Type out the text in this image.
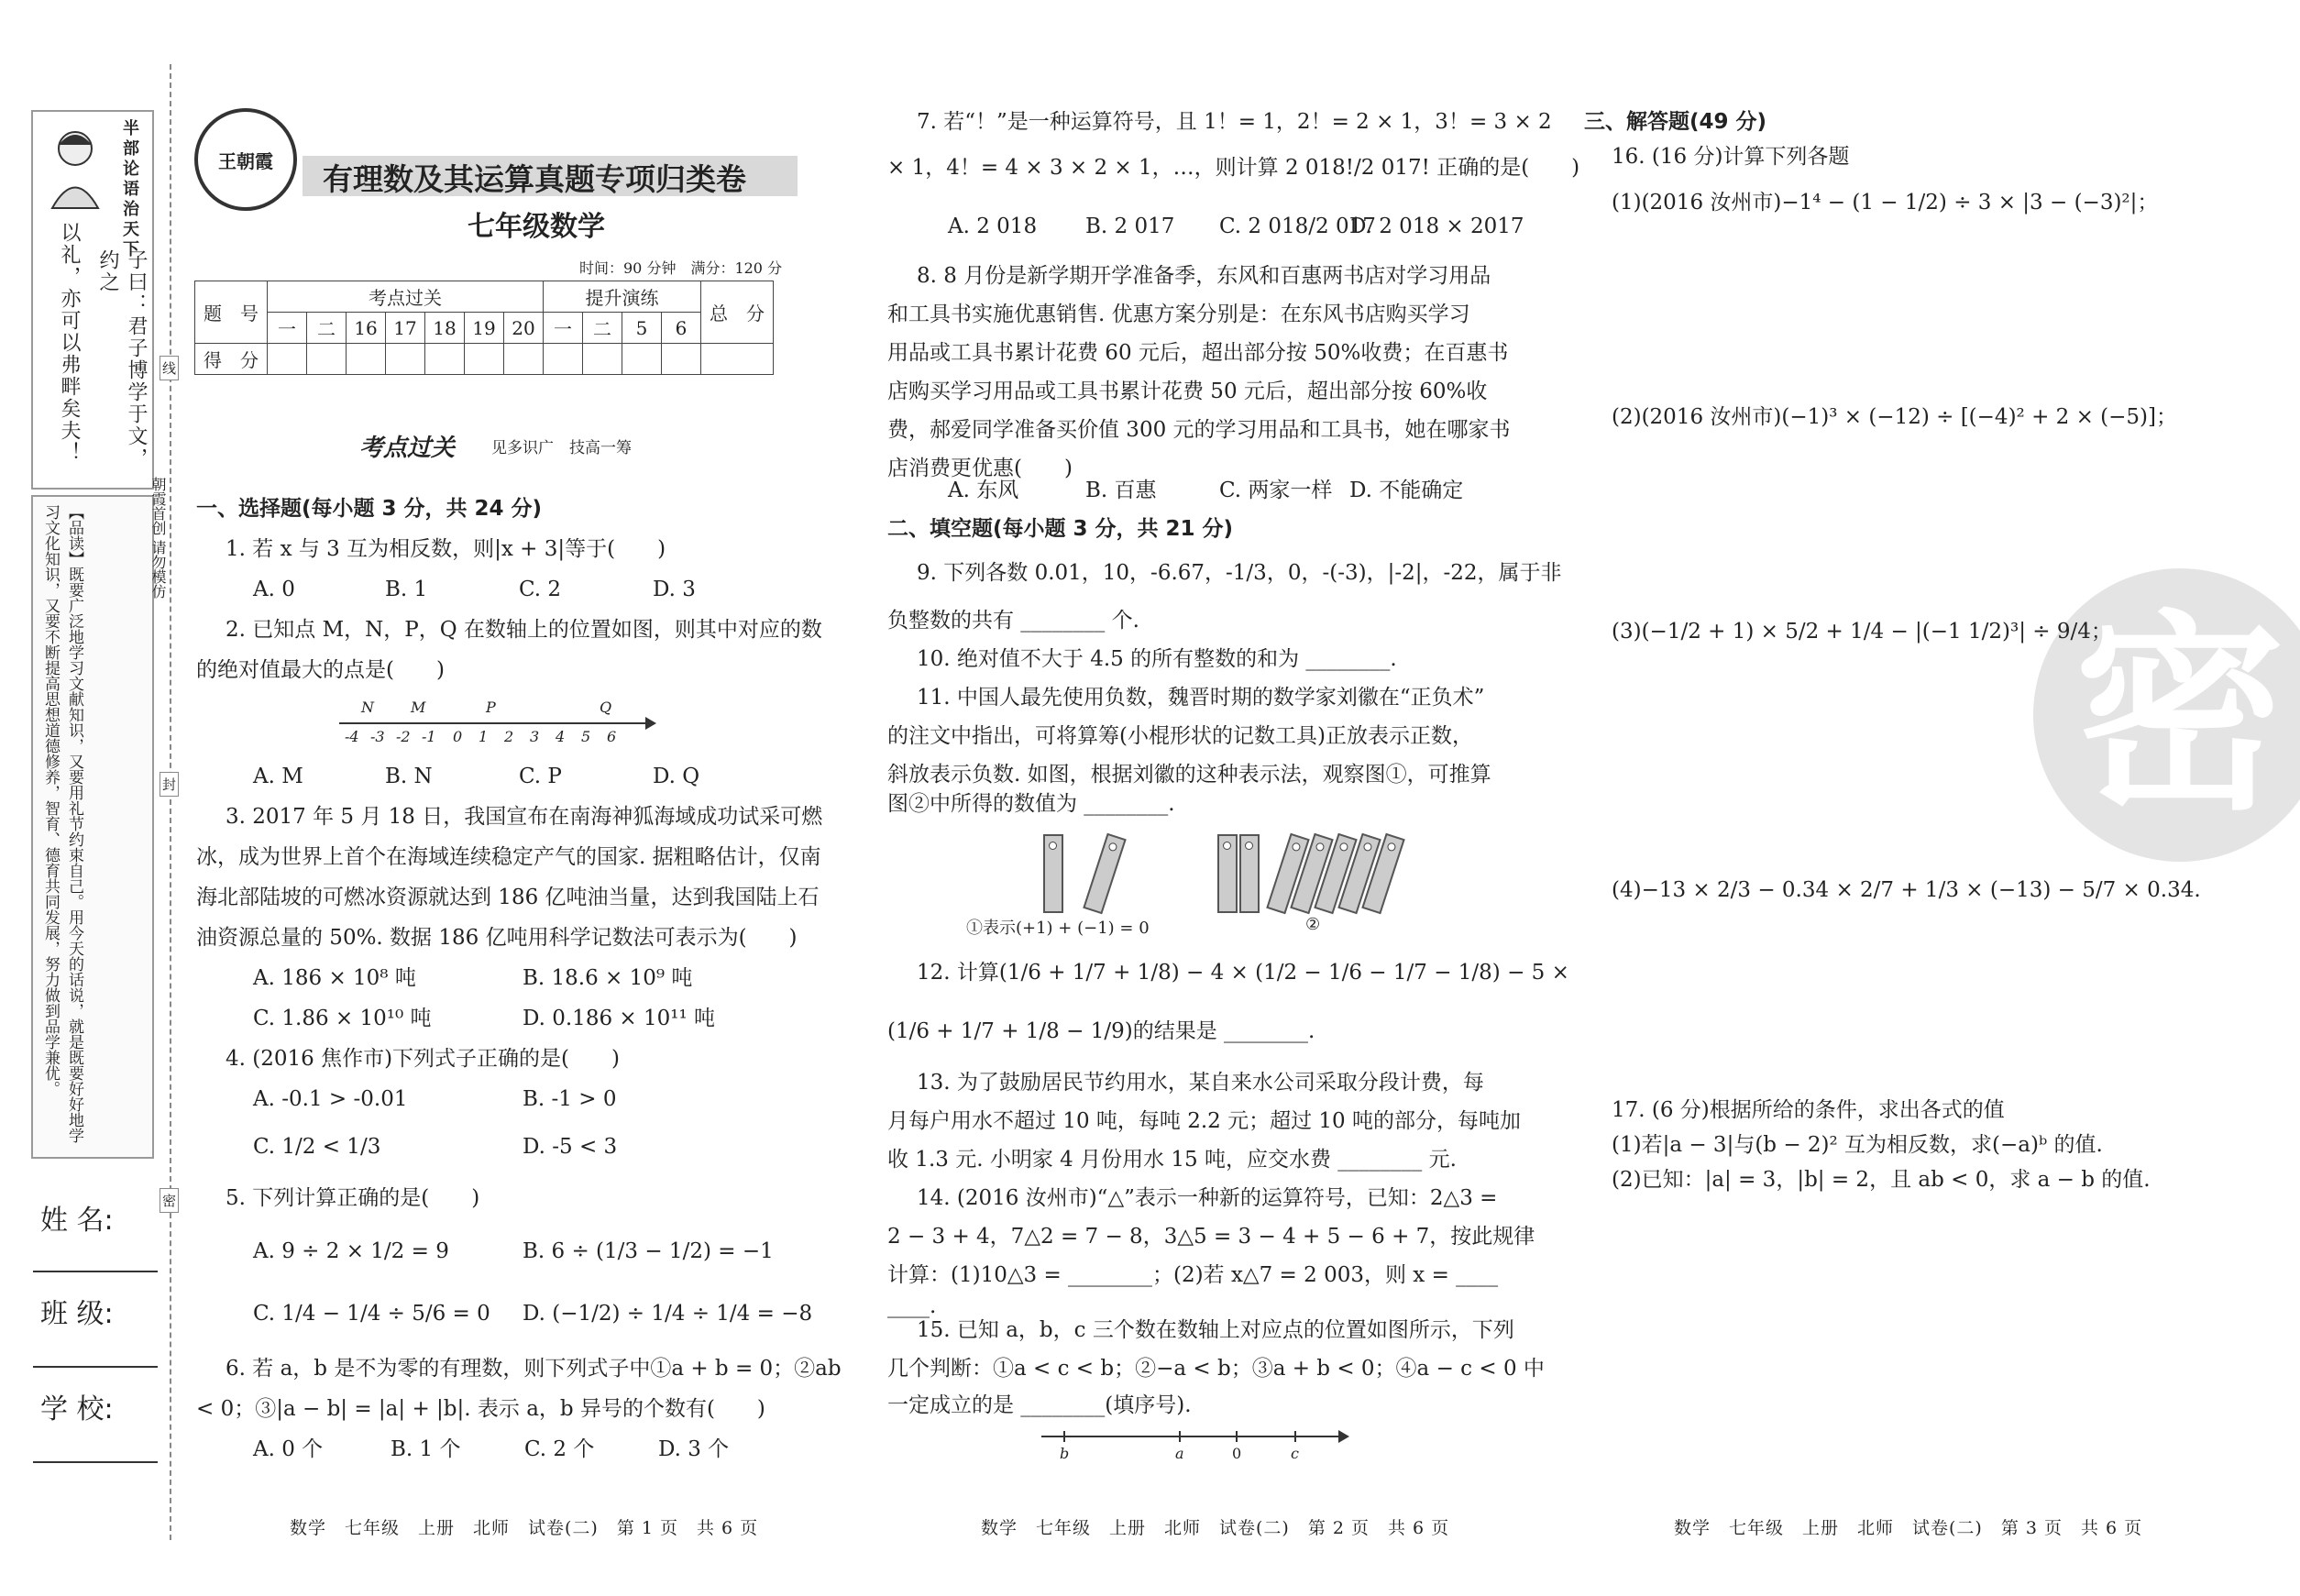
半部论语治天下
子曰：君子博学于文，约之
以礼，亦可以弗畔矣夫！
【品读】既要广泛地学习文献知识，又要用礼节约束自己。用今天的话说，就是既要好好地学习文化知识，又要不断提高思想道德修养，智育、德育共同发展，努力做到品学兼优。	朝霞首创 请勿模仿
线
封
密
姓 名:
班 级:
学 校:
王朝霞
有理数及其运算真题专项归类卷
七年级数学
时间：90 分钟　满分：120 分
题　号	考点过关							提升演练				总　分
	一	二	16	17	18	19	20	一	二	5	6	
得　分												
考点过关 见多识广　技高一筹
一、选择题(每小题 3 分，共 24 分)
1. 若 x 与 3 互为相反数，则|x + 3|等于(　　)
A. 0	B. 1	C. 2	D. 3
2. 已知点 M，N，P，Q 在数轴上的位置如图，则其中对应的数
的绝对值最大的点是(　　)
-4 -3 -2 -1 0 1 2 3 4 5 6
N	M	P	Q
A. M	B. N	C. P	D. Q
3. 2017 年 5 月 18 日，我国宣布在南海神狐海域成功试采可燃
冰，成为世界上首个在海域连续稳定产气的国家. 据粗略估计，仅南
海北部陆坡的可燃冰资源就达到 186 亿吨油当量，达到我国陆上石
油资源总量的 50%. 数据 186 亿吨用科学记数法可表示为(　　)
A. 186 × 10⁸ 吨	B. 18.6 × 10⁹ 吨
C. 1.86 × 10¹⁰ 吨	D. 0.186 × 10¹¹ 吨
4. (2016 焦作市)下列式子正确的是(　　)
A. -0.1 > -0.01	B. -1 > 0
C. 1/2 < 1/3	D. -5 < 3
5. 下列计算正确的是(　　)
A. 9 ÷ 2 × 1/2 = 9	B. 6 ÷ (1/3 − 1/2) = −1
C. 1/4 − 1/4 ÷ 5/6 = 0 D. (−1/2) ÷ 1/4 ÷ 1/4 = −8
6. 若 a，b 是不为零的有理数，则下列式子中①a + b = 0；②ab
< 0；③|a − b| = |a| + |b|. 表示 a，b 异号的个数有(　　)
A. 0 个	B. 1 个	C. 2 个	D. 3 个
7. 若“！”是一种运算符号，且 1！= 1，2！= 2 × 1，3！= 3 × 2
× 1，4！= 4 × 3 × 2 × 1，…，则计算 2 018!/2 017! 正确的是(　　)
A. 2 018 B. 2 017 C. 2 018/2 017
D. 2 018 × 2017
8. 8 月份是新学期开学准备季，东风和百惠两书店对学习用品
和工具书实施优惠销售. 优惠方案分别是：在东风书店购买学习
用品或工具书累计花费 60 元后，超出部分按 50%收费；在百惠书
店购买学习用品或工具书累计花费 50 元后，超出部分按 60%收
费，郝爱同学准备买价值 300 元的学习用品和工具书，她在哪家书
店消费更优惠(　　)
A. 东风	B. 百惠	C. 两家一样 D. 不能确定
二、填空题(每小题 3 分，共 21 分)
9. 下列各数 0.01，10，-6.67，-1/3，0，-(-3)，|-2|，-22，属于非
负整数的共有 ________ 个.
10. 绝对值不大于 4.5 的所有整数的和为 ________.
11. 中国人最先使用负数，魏晋时期的数学家刘徽在“正负术”
的注文中指出，可将算筹(小棍形状的记数工具)正放表示正数，
斜放表示负数. 如图，根据刘徽的这种表示法，观察图①，可推算
图②中所得的数值为 ________.
①表示(+1) + (−1) = 0	②
12. 计算(1/6 + 1/7 + 1/8) − 4 × (1/2 − 1/6 − 1/7 − 1/8) − 5 ×
(1/6 + 1/7 + 1/8 − 1/9)的结果是 ________.
13. 为了鼓励居民节约用水，某自来水公司采取分段计费，每
月每户用水不超过 10 吨，每吨 2.2 元；超过 10 吨的部分，每吨加
收 1.3 元. 小明家 4 月份用水 15 吨，应交水费 ________ 元.
14. (2016 汝州市)“△”表示一种新的运算符号，已知：2△3 =
2 − 3 + 4，7△2 = 7 − 8，3△5 = 3 − 4 + 5 − 6 + 7，按此规律
计算：(1)10△3 = ________；(2)若 x△7 = 2 003，则 x = ____
____.
15. 已知 a，b，c 三个数在数轴上对应点的位置如图所示，下列
几个判断：①a < c < b；②−a < b；③a + b < 0；④a − c < 0 中
一定成立的是 ________(填序号).
b	a	0	c
密
三、解答题(49 分)
16. (16 分)计算下列各题
(1)(2016 汝州市)−1⁴ − (1 − 1/2) ÷ 3 × |3 − (−3)²|；
(2)(2016 汝州市)(−1)³ × (−12) ÷ [(−4)² + 2 × (−5)]；
(3)(−1/2 + 1) × 5/2 + 1/4 − |(−1 1/2)³| ÷ 9/4；
(4)−13 × 2/3 − 0.34 × 2/7 + 1/3 × (−13) − 5/7 × 0.34.
17. (6 分)根据所给的条件，求出各式的值
(1)若|a − 3|与(b − 2)² 互为相反数，求(−a)ᵇ 的值.
(2)已知：|a| = 3，|b| = 2，且 ab < 0，求 a − b 的值.
数学　七年级　上册　北师　试卷(二)　第 1 页　共 6 页	数学　七年级　上册　北师　试卷(二)　第 2 页　共 6 页	数学　七年级　上册　北师　试卷(二)　第 3 页　共 6 页
